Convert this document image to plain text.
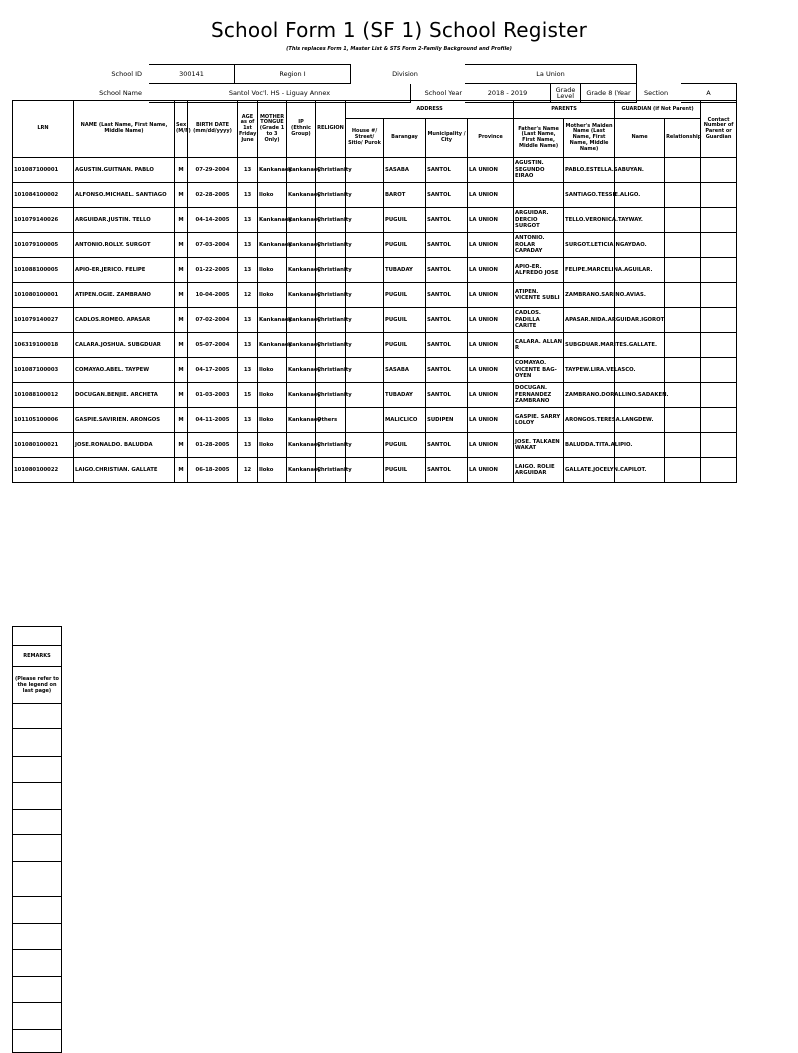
School Form 1 (SF 1) School Register
(This replaces Form 1, Master List & STS Form 2-Family Background and Profile)
School ID	300141	Region I	Division		La Union				
School Name	Santol Voc'l. HS - Liguay Annex			School Year	2018 - 2019	Grade Level	Grade 8 (Year	Section	A
LRN	NAME (Last Name, First Name, Middle Name)	Sex (M/F)	BIRTH DATE (mm/dd/yyyy)	AGE as of 1st Friday June	MOTHER TONGUE (Grade 1 to 3 Only)	IP (Ethnic Group)	RELIGION	ADDRESS				PARENTS		GUARDIAN (if Not Parent)		Contact Number of Parent or Guardian
								House #/ Street/ Sitio/ Purok	Barangay	Municipality / City	Province	Father's Name (Last Name, First Name, Middle Name)	Mother's Maiden Name (Last Name, First Name, Middle Name)	Name	Relationship	
101087100001	AGUSTIN.GUITNAN. PABLO	M	07-29-2004	13	Kankanaey	Kankanaey	Christianity		SASABA	SANTOL	LA UNION	AGUSTIN. SEGUNDO EIRAO	PABLO.ESTELLA.SABUYAN.			
101084100002	ALFONSO.MICHAEL. SANTIAGO	M	02-28-2005	13	Iloko	Kankanaey	Christianity		BAROT	SANTOL	LA UNION		SANTIAGO.TESSIE.ALIGO.			
101079140026	ARGUIDAR.JUSTIN. TELLO	M	04-14-2005	13	Kankanaey	Kankanaey	Christianity		PUGUIL	SANTOL	LA UNION	ARGUIDAR. DERCIO SURGOT	TELLO.VERONICA.TAYWAY.			
101079100005	ANTONIO.ROLLY. SURGOT	M	07-03-2004	13	Kankanaey	Kankanaey	Christianity		PUGUIL	SANTOL	LA UNION	ANTONIO. ROLAR CAPADAY	SURGOT.LETICIA.NGAYDAO.			
101088100005	APIO-ER.JERICO. FELIPE	M	01-22-2005	13	Iloko	Kankanaey	Christianity		TUBADAY	SANTOL	LA UNION	APIO-ER. ALFREDO JOSE	FELIPE.MARCELINA.AGUILAR.			
101080100001	ATIPEN.OGIE. ZAMBRANO	M	10-04-2005	12	Iloko	Kankanaey	Christianity		PUGUIL	SANTOL	LA UNION	ATIPEN. VICENTE SUBLI	ZAMBRANO.SARINO.AVIAS.			
101079140027	CADLOS.ROMEO. APASAR	M	07-02-2004	13	Kankanaey	Kankanaey	Christianity		PUGUIL	SANTOL	LA UNION	CADLOS. PADILLA CARITE	APASAR.NIDA.ARGUIDAR.IGOROT			
106319100018	CALARA.JOSHUA. SUBGDUAR	M	05-07-2004	13	Kankanaey	Kankanaey	Christianity		PUGUIL	SANTOL	LA UNION	CALARA. ALLAN R	SUBGDUAR.MARITES.GALLATE.			
101087100003	COMAYAO.ABEL. TAYPEW	M	04-17-2005	13	Iloko	Kankanaey	Christianity		SASABA	SANTOL	LA UNION	COMAYAO. VICENTE BAG-OYEN	TAYPEW.LIRA.VELASCO.			
101088100012	DOCUGAN.BENJIE. ARCHETA	M	01-03-2003	15	Iloko	Kankanaey	Christianity		TUBADAY	SANTOL	LA UNION	DOCUGAN. FERNANDEZ ZAMBRANO	ZAMBRANO.DORALLINO.SADAKEN.			
101105100006	GASPIE.SAVIRIEN. ARONGOS	M	04-11-2005	13	Iloko	Kankanaey	Others		MALICLICO	SUDIPEN	LA UNION	GASPIE. SARRY LOLOY	ARONGOS.TERESA.LANGDEW.			
101080100021	JOSE.RONALDO. BALUDDA	M	01-28-2005	13	Iloko	Kankanaey	Christianity		PUGUIL	SANTOL	LA UNION	JOSE. TALKAEN WAKAT	BALUDDA.TITA.ALIPIO.			
101080100022	LAIGO.CHRISTIAN. GALLATE	M	06-18-2005	12	Iloko	Kankanaey	Christianity		PUGUIL	SANTOL	LA UNION	LAIGO. ROLIE ARGUIDAR	GALLATE.JOCELYN.CAPILOT.			

REMARKS
(Please refer to the legend on last page)
